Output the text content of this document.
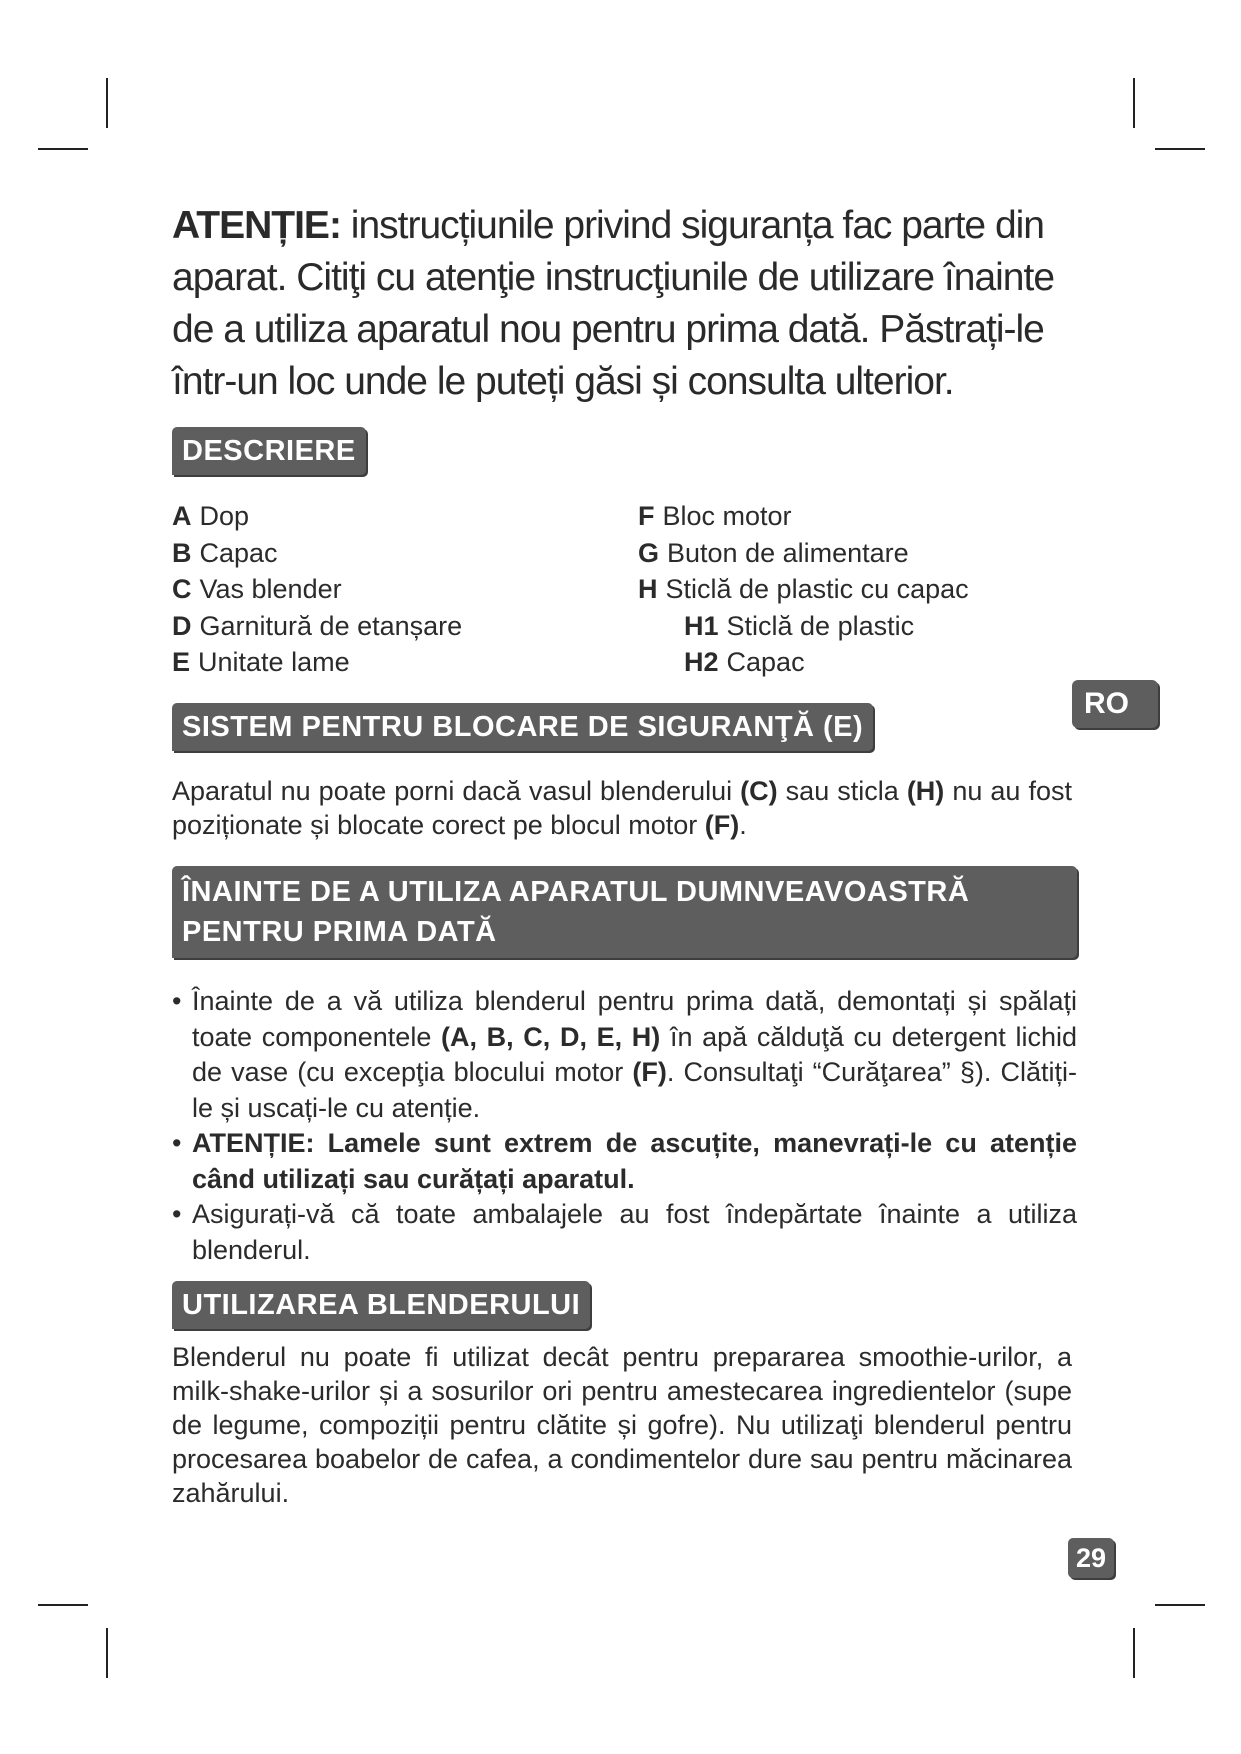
ATENȚIE: instrucțiunile privind siguranța fac parte din aparat. Citiţi cu atenţie instrucţiunile de utilizare înainte de a utiliza aparatul nou pentru prima dată. Păstrați-le într-un loc unde le puteți găsi și consulta ulterior.

DESCRIERE
A Dop
B Capac
C Vas blender
D Garnitură de etanșare
E Unitate lame
F Bloc motor
G Buton de alimentare
H Sticlă de plastic cu capac
H1 Sticlă de plastic
H2 Capac
RO
SISTEM PENTRU BLOCARE DE SIGURANŢĂ (E)

Aparatul nu poate porni dacă vasul blenderului (C) sau sticla (H) nu au fost poziționate și blocate corect pe blocul motor (F).

ÎNAINTE DE A UTILIZA APARATUL DUMNVEAVOASTRĂ
PENTRU PRIMA DATĂ
• Înainte de a vă utiliza blenderul pentru prima dată, demontați și spălați toate componentele (A, B, C, D, E, H) în apă călduţă cu detergent lichid de vase (cu excepţia blocului motor (F). Consultaţi “Curăţarea” §). Clătiți-le și uscați-le cu atenție.
• ATENȚIE: Lamele sunt extrem de ascuțite, manevrați-le cu atenție când utilizați sau curățați aparatul.
• Asigurați-vă că toate ambalajele au fost îndepărtate înainte a utiliza blenderul.
UTILIZAREA BLENDERULUI

Blenderul nu poate fi utilizat decât pentru prepararea smoothie-urilor, a milk-shake-urilor și a sosurilor ori pentru amestecarea ingredientelor (supe de legume, compoziții pentru clătite și gofre). Nu utilizaţi blenderul pentru procesarea boabelor de cafea, a condimentelor dure sau pentru măcinarea zahărului.

29
